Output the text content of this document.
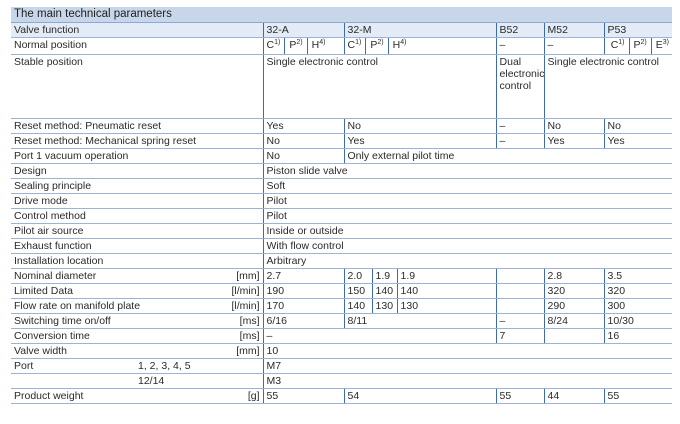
The main technical parameters
Valve function			32-A	32-M			B52	M52	P53
Normal position			$C^{1)}$ $P^{2)}$ $H^{4)}$	$C^{1)}$ $P^{2)}$ $H^{4)}$			–	–	$C^{1)}$ $P^{2)}$ $E^{3)}$
Stable position			Single electronic control				Dual electronic control	Single electronic control	
Reset method: Pneumatic reset			Yes	No			–	No	No
Reset method: Mechanical spring reset			No	Yes			–	Yes	Yes
Port 1 vacuum operation			No	Only external pilot time					
Design			Piston slide valve						
Sealing principle			Soft						
Drive mode			Pilot						
Control method			Pilot						
Pilot air source			Inside or outside						
Exhaust function			With flow control						
Installation location			Arbitrary						
Nominal diameter		[mm]	2.7	2.0	1.9	1.9		2.8	3.5
Limited Data		[l/min]	190	150	140	140		320	320
Flow rate on manifold plate		[l/min]	170	140	130	130		290	300
Switching time on/off		[ms]	6/16	8/11			–	8/24	10/30
Conversion time		[ms]	–				7		16
Valve width		[mm]	10						
Port	1, 2, 3, 4, 5		M7						
	12/14		M3						
Product weight		[g]	55	54			55	44	55
